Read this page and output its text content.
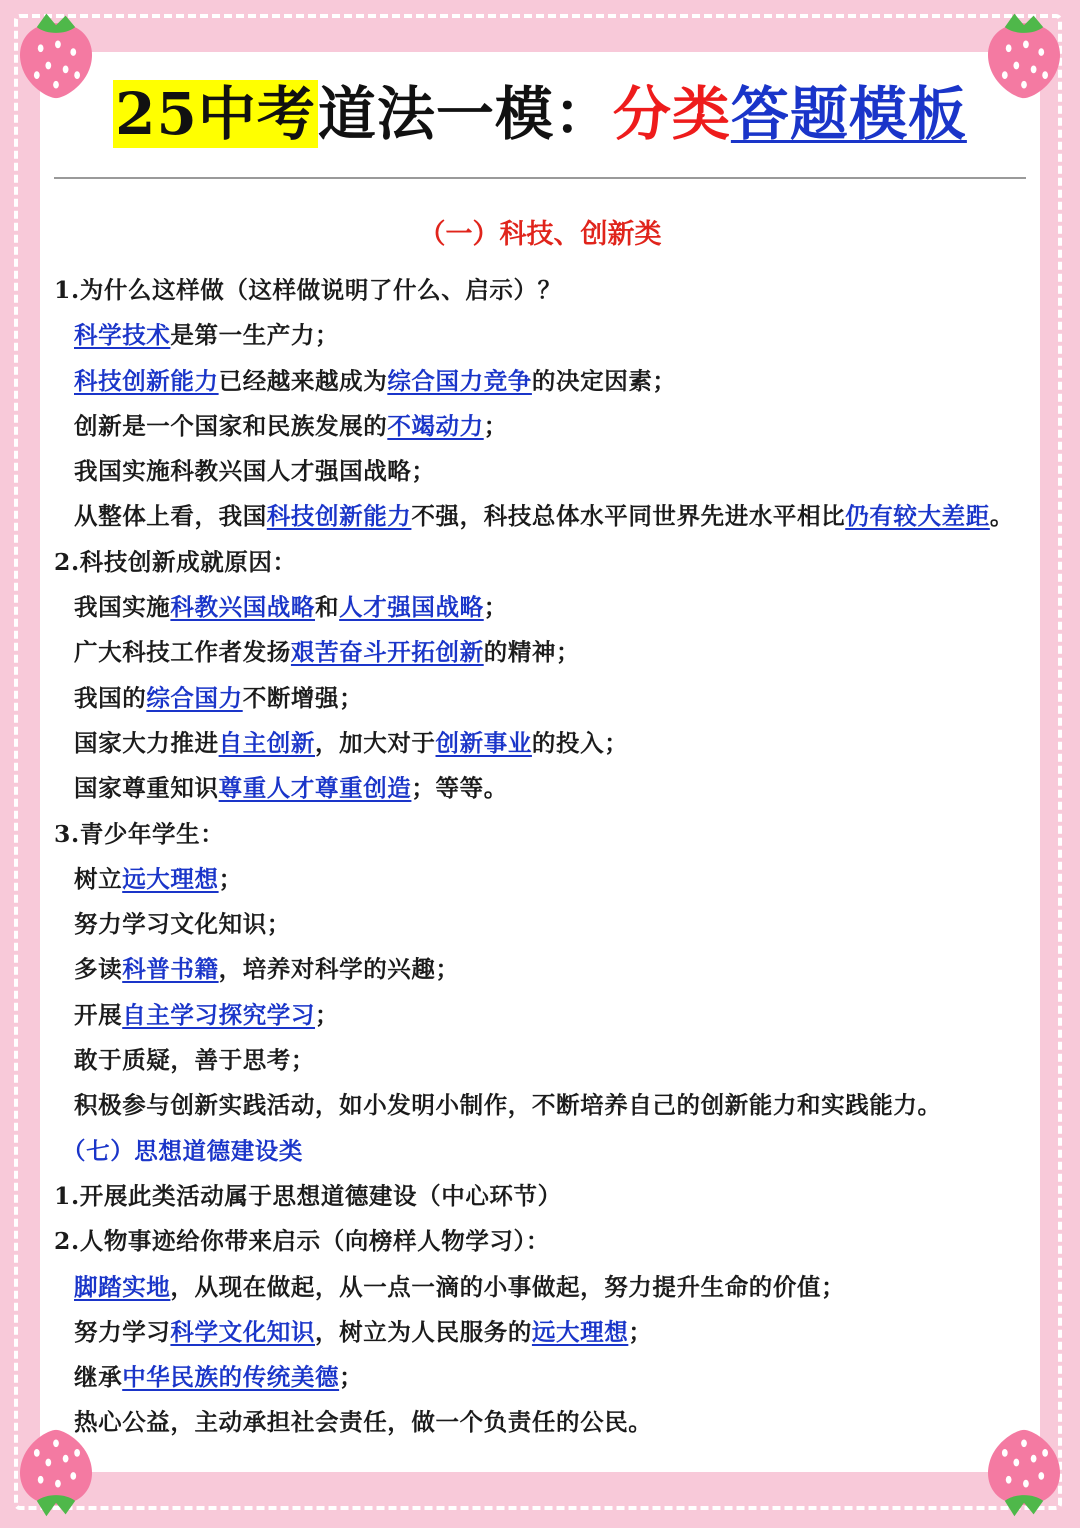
25中考道法一模：分类答题模板
（一）科技、创新类
1.为什么这样做（这样做说明了什么、启示）？
科学技术是第一生产力；
科技创新能力已经越来越成为综合国力竞争的决定因素；
创新是一个国家和民族发展的不竭动力；
我国实施科教兴国人才强国战略；
从整体上看，我国科技创新能力不强，科技总体水平同世界先进水平相比仍有较大差距。
2.科技创新成就原因：
我国实施科教兴国战略和人才强国战略；
广大科技工作者发扬艰苦奋斗开拓创新的精神；
我国的综合国力不断增强；
国家大力推进自主创新，加大对于创新事业的投入；
国家尊重知识尊重人才尊重创造；等等。
3.青少年学生：
树立远大理想；
努力学习文化知识；
多读科普书籍，培养对科学的兴趣；
开展自主学习探究学习；
敢于质疑，善于思考；
积极参与创新实践活动，如小发明小制作，不断培养自己的创新能力和实践能力。
（七）思想道德建设类
1.开展此类活动属于思想道德建设（中心环节）
2.人物事迹给你带来启示（向榜样人物学习）：
脚踏实地，从现在做起，从一点一滴的小事做起，努力提升生命的价值；
努力学习科学文化知识，树立为人民服务的远大理想；
继承中华民族的传统美德；
热心公益，主动承担社会责任，做一个负责任的公民。
